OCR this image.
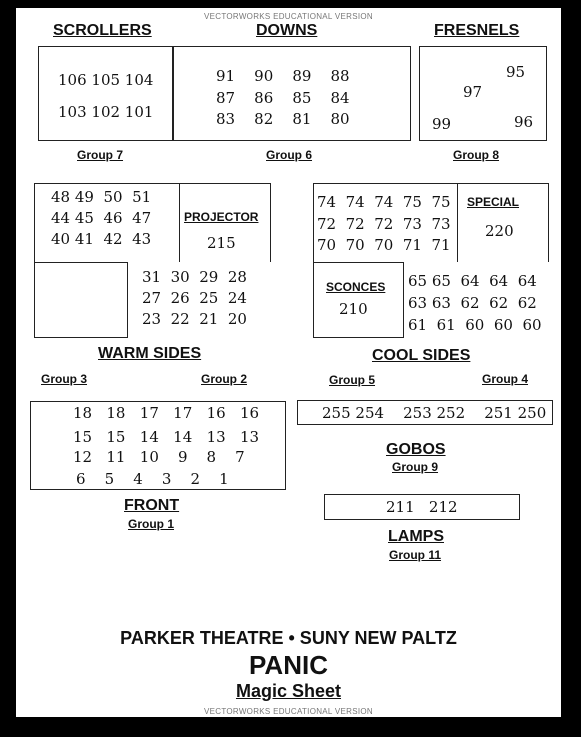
VECTORWORKS EDUCATIONAL VERSION
SCROLLERS
106 105 104
103 102 101
Group 7
DOWNS
91    90    89    88
87    86    85    84
83    82    81    80
Group 6
FRESNELS
95
97
99	96
Group 8
48 49  50  51
44 45  46  47
40 41  42  43
PROJECTOR
215
31  30  29  28
27  26  25  24
23  22  21  20
WARM SIDES
Group 3	Group 2
74  74  74  75  75
72  72  72  73  73
70  70  70  71  71
SPECIAL
220
SCONCES
210
65 65  64  64  64
63 63  62  62  62
61  61  60  60  60
COOL SIDES
Group 5	Group 4
18   18   17   17   16   16
15   15   14   14   13   13
12   11   10    9    8    7
6    5    4    3    2    1
FRONT
Group 1
255 254    253 252    251 250
GOBOS
Group 9
211   212
LAMPS
Group 11
PARKER THEATRE • SUNY NEW PALTZ
PANIC
Magic Sheet
VECTORWORKS EDUCATIONAL VERSION
